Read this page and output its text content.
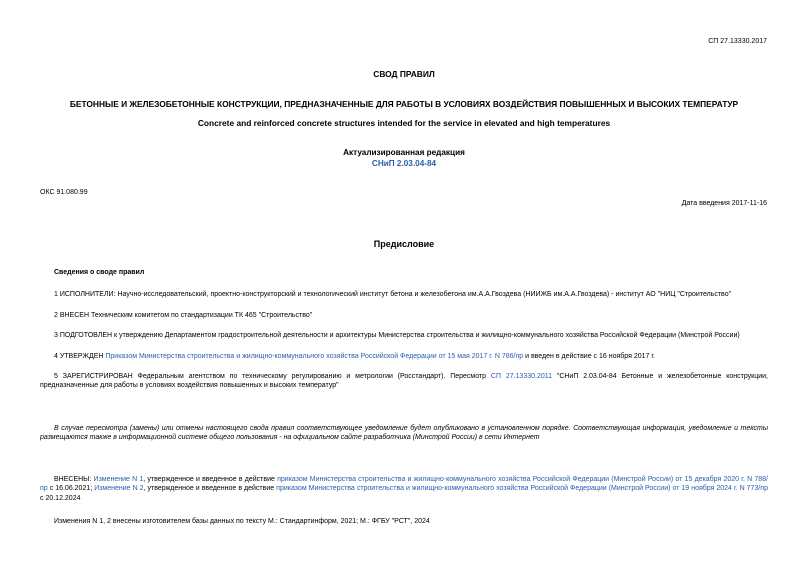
СП 27.13330.2017
СВОД ПРАВИЛ
БЕТОННЫЕ И ЖЕЛЕЗОБЕТОННЫЕ КОНСТРУКЦИИ, ПРЕДНАЗНАЧЕННЫЕ ДЛЯ РАБОТЫ В УСЛОВИЯХ ВОЗДЕЙСТВИЯ ПОВЫШЕННЫХ И ВЫСОКИХ ТЕМПЕРАТУР
Concrete and reinforced concrete structures intended for the service in elevated and high temperatures
Актуализированная редакция
СНиП 2.03.04-84
ОКС 91.080.99
Дата введения 2017-11-16
Предисловие
Сведения о своде правил
1 ИСПОЛНИТЕЛИ: Научно-исследовательский, проектно-конструкторский и технологический институт бетона и железобетона им.А.А.Гвоздева (НИИЖБ им.А.А.Гвоздева) - институт АО "НИЦ "Строительство"
2 ВНЕСЕН Техническим комитетом по стандартизации ТК 465 "Строительство"
3 ПОДГОТОВЛЕН к утверждению Департаментом градостроительной деятельности и архитектуры Министерства строительства и жилищно-коммунального хозяйства Российской Федерации (Минстрой России)
4 УТВЕРЖДЕН Приказом Министерства строительства и жилищно-коммунального хозяйства Российской Федерации от 15 мая 2017 г. N 786/пр и введен в действие с 16 ноября 2017 г.
5 ЗАРЕГИСТРИРОВАН Федеральным агентством по техническому регулированию и метрологии (Росстандарт). Пересмотр СП 27.13330.2011 "СНиП 2.03.04-84 Бетонные и железобетонные конструкции, предназначенные для работы в условиях воздействия повышенных и высоких температур"
В случае пересмотра (замены) или отмены настоящего свода правил соответствующее уведомление будет опубликовано в установленном порядке. Соответствующая информация, уведомление и тексты размещаются также в информационной системе общего пользования - на официальном сайте разработчика (Минстрой России) в сети Интернет
ВНЕСЕНЫ: Изменение N 1, утвержденное и введенное в действие приказом Министерства строительства и жилищно-коммунального хозяйства Российской Федерации (Минстрой России) от 15 декабря 2020 г. N 788/пр с 16.06.2021; Изменение N 2, утвержденное и введенное в действие приказом Министерства строительства и жилищно-коммунального хозяйства Российской Федерации (Минстрой России) от 19 ноября 2024 г. N 773/пр с 20.12.2024
Изменения N 1, 2 внесены изготовителем базы данных по тексту М.: Стандартинформ, 2021; М.: ФГБУ "РСТ", 2024
